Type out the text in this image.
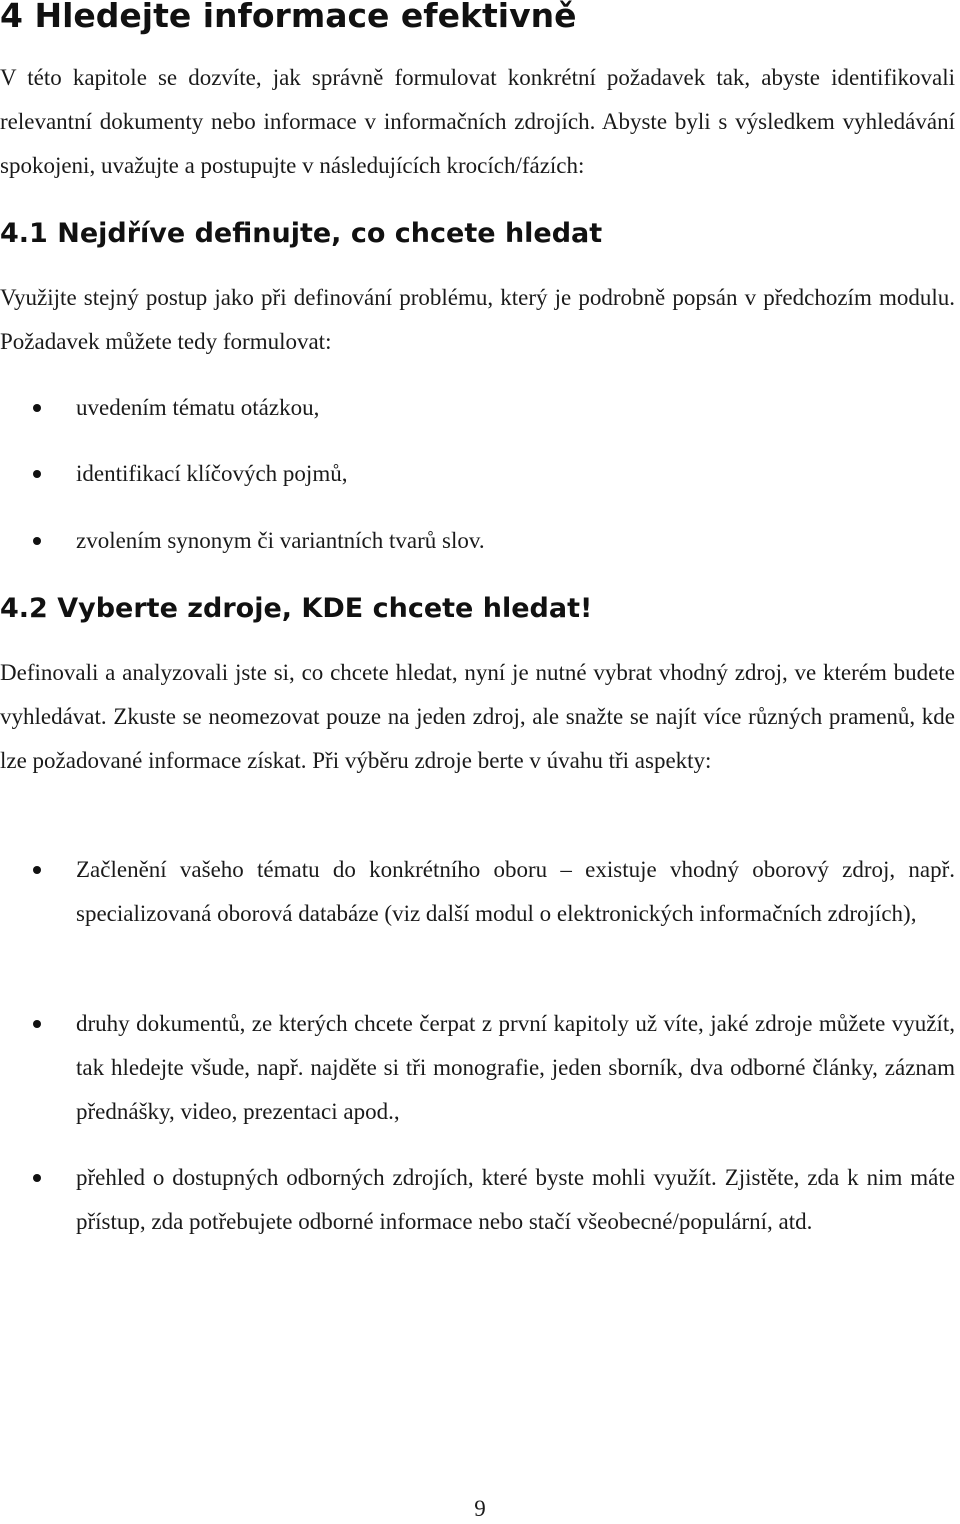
4 Hledejte informace efektivně

V této kapitole se dozvíte, jak správně formulovat konkrétní požadavek tak, abyste identifikovali relevantní dokumenty nebo informace v informačních zdrojích. Abyste byli s výsledkem vyhledávání spokojeni, uvažujte a postupujte v následujících krocích/fázích:

4.1 Nejdříve definujte, co chcete hledat

Využijte stejný postup jako při definování problému, který je podrobně popsán v předchozím modulu. Požadavek můžete tedy formulovat:

uvedením tématu otázkou,

identifikací klíčových pojmů,

zvolením synonym či variantních tvarů slov.

4.2 Vyberte zdroje, KDE chcete hledat!

Definovali a analyzovali jste si, co chcete hledat, nyní je nutné vybrat vhodný zdroj, ve kterém budete vyhledávat. Zkuste se neomezovat pouze na jeden zdroj, ale snažte se najít více různých pramenů, kde lze požadované informace získat. Při výběru zdroje berte v úvahu tři aspekty:

Začlenění vašeho tématu do konkrétního oboru – existuje vhodný oborový zdroj, např. specializovaná oborová databáze (viz další modul o elektronických informačních zdrojích),

druhy dokumentů, ze kterých chcete čerpat z první kapitoly už víte, jaké zdroje můžete využít, tak hledejte všude, např. najděte si tři monografie, jeden sborník, dva odborné články, záznam přednášky, video, prezentaci apod.,

přehled o dostupných odborných zdrojích, které byste mohli využít. Zjistěte, zda k nim máte přístup, zda potřebujete odborné informace nebo stačí všeobecné/populární, atd.

9
